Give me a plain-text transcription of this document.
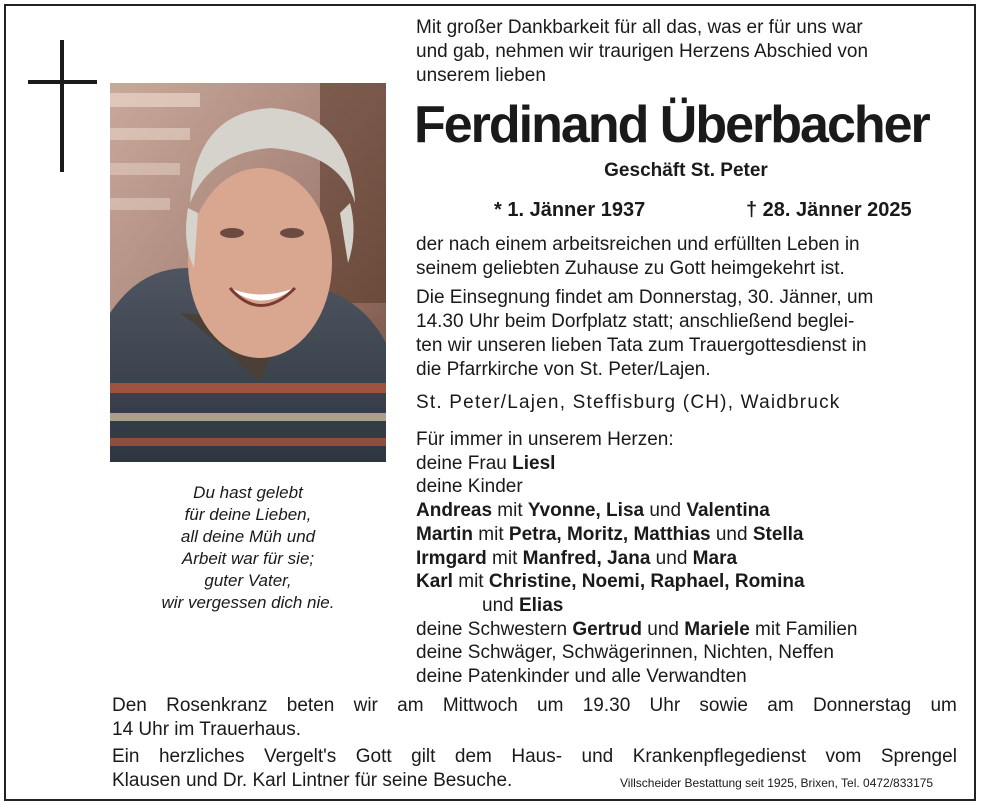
Du hast gelebt
für deine Lieben,
all deine Müh und
Arbeit war für sie;
guter Vater,
wir vergessen dich nie.
Mit großer Dankbarkeit für all das, was er für uns war
und gab, nehmen wir traurigen Herzens Abschied von
unserem lieben
Ferdinand Überbacher
Geschäft St. Peter
* 1. Jänner 1937	† 28. Jänner 2025
der nach einem arbeitsreichen und erfüllten Leben in
seinem geliebten Zuhause zu Gott heimgekehrt ist.
Die Einsegnung findet am Donnerstag, 30. Jänner, um
14.30 Uhr beim Dorfplatz statt; anschließend beglei-
ten wir unseren lieben Tata zum Trauergottesdienst in
die Pfarrkirche von St. Peter/Lajen.
St. Peter/Lajen, Steffisburg (CH), Waidbruck
Für immer in unserem Herzen:
deine Frau Liesl
deine Kinder
Andreas mit Yvonne, Lisa und Valentina
Martin mit Petra, Moritz, Matthias und Stella
Irmgard mit Manfred, Jana und Mara
Karl mit Christine, Noemi, Raphael, Romina
und Elias
deine Schwestern Gertrud und Mariele mit Familien
deine Schwäger, Schwägerinnen, Nichten, Neffen
deine Patenkinder und alle Verwandten
Den Rosenkranz beten wir am Mittwoch um 19.30 Uhr sowie am Donnerstag um
14 Uhr im Trauerhaus.
Ein herzliches Vergelt's Gott gilt dem Haus- und Krankenpflegedienst vom Sprengel
Klausen und Dr. Karl Lintner für seine Besuche.	Villscheider Bestattung seit 1925, Brixen, Tel. 0472/833175
